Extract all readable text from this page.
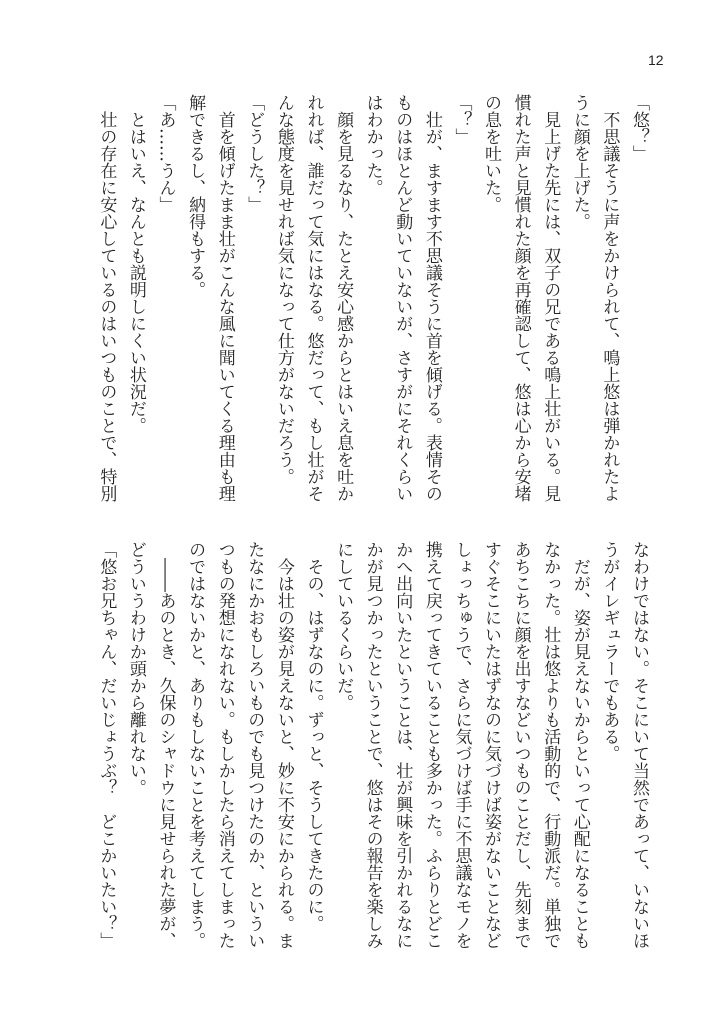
12
「悠？」
　不思議そうに声をかけられて、鳴上悠は弾かれたよ
うに顔を上げた。
　見上げた先には、双子の兄である鳴上壮がいる。見
慣れた声と見慣れた顔を再確認して、悠は心から安堵
の息を吐いた。
「？」
　壮が、ますます不思議そうに首を傾げる。表情その
ものはほとんど動いていないが、さすがにそれくらい
はわかった。
　顔を見るなり、たとえ安心感からとはいえ息を吐か
れれば、誰だって気にはなる。悠だって、もし壮がそ
んな態度を見せれば気になって仕方がないだろう。
「どうした？」
　首を傾げたまま壮がこんな風に聞いてくる理由も理
解できるし、納得もする。
「あ……うん」
　とはいえ、なんとも説明しにくい状況だ。
　壮の存在に安心しているのはいつものことで、特別
なわけではない。そこにいて当然であって、いないほ
うがイレギュラーでもある。
　だが、姿が見えないからといって心配になることも
なかった。壮は悠よりも活動的で、行動派だ。単独で
あちこちに顔を出すなどいつものことだし、先刻まで
すぐそこにいたはずなのに気づけば姿がないことなど
しょっちゅうで、さらに気づけば手に不思議なモノを
携えて戻ってきていることも多かった。ふらりとどこ
かへ出向いたということは、壮が興味を引かれるなに
かが見つかったということで、悠はその報告を楽しみ
にしているくらいだ。
　その、はずなのに。ずっと、そうしてきたのに。
　今は壮の姿が見えないと、妙に不安にかられる。ま
たなにかおもしろいものでも見つけたのか、というい
つもの発想になれない。もしかしたら消えてしまった
のではないかと、ありもしないことを考えてしまう。
　――あのとき、久保のシャドウに見せられた夢が、
どういうわけか頭から離れない。
「悠お兄ちゃん、だいじょうぶ？　どこかいたい？」
